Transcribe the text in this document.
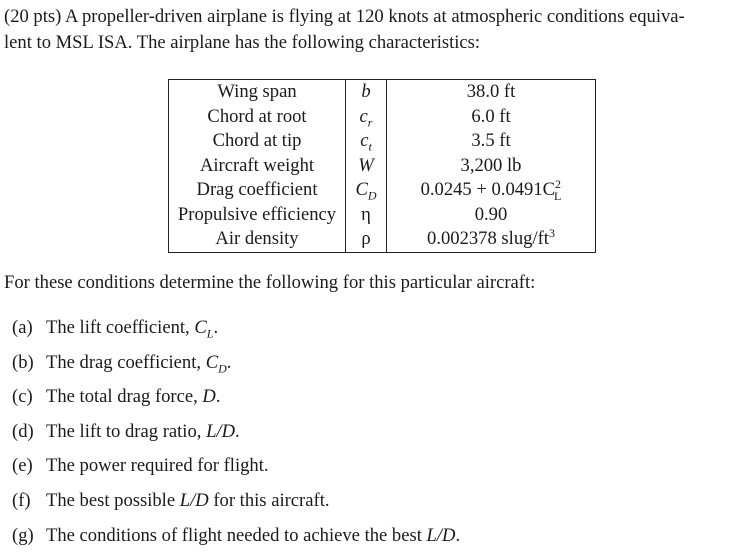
(20 pts) A propeller-driven airplane is flying at 120 knots at atmospheric conditions equiva-
lent to MSL ISA. The airplane has the following characteristics:
Wing span	b	38.0 ft
Chord at root	$c_r$	6.0 ft
Chord at tip	$c_t$	3.5 ft
Aircraft weight	W	3,200 lb
Drag coefficient	$C_D$	$0.0245 + 0.0491C^2_L$
Propulsive efficiency	η	0.90
Air density	ρ	0.002378 slug/$ft^3$

For these conditions determine the following for this particular aircraft:

(a) The lift coefficient, $C_L$.
(b) The drag coefficient, $C_D$.
(c) The total drag force, D.
(d) The lift to drag ratio, L/D.
(e) The power required for flight.
(f) The best possible L/D for this aircraft.
(g) The conditions of flight needed to achieve the best L/D.
